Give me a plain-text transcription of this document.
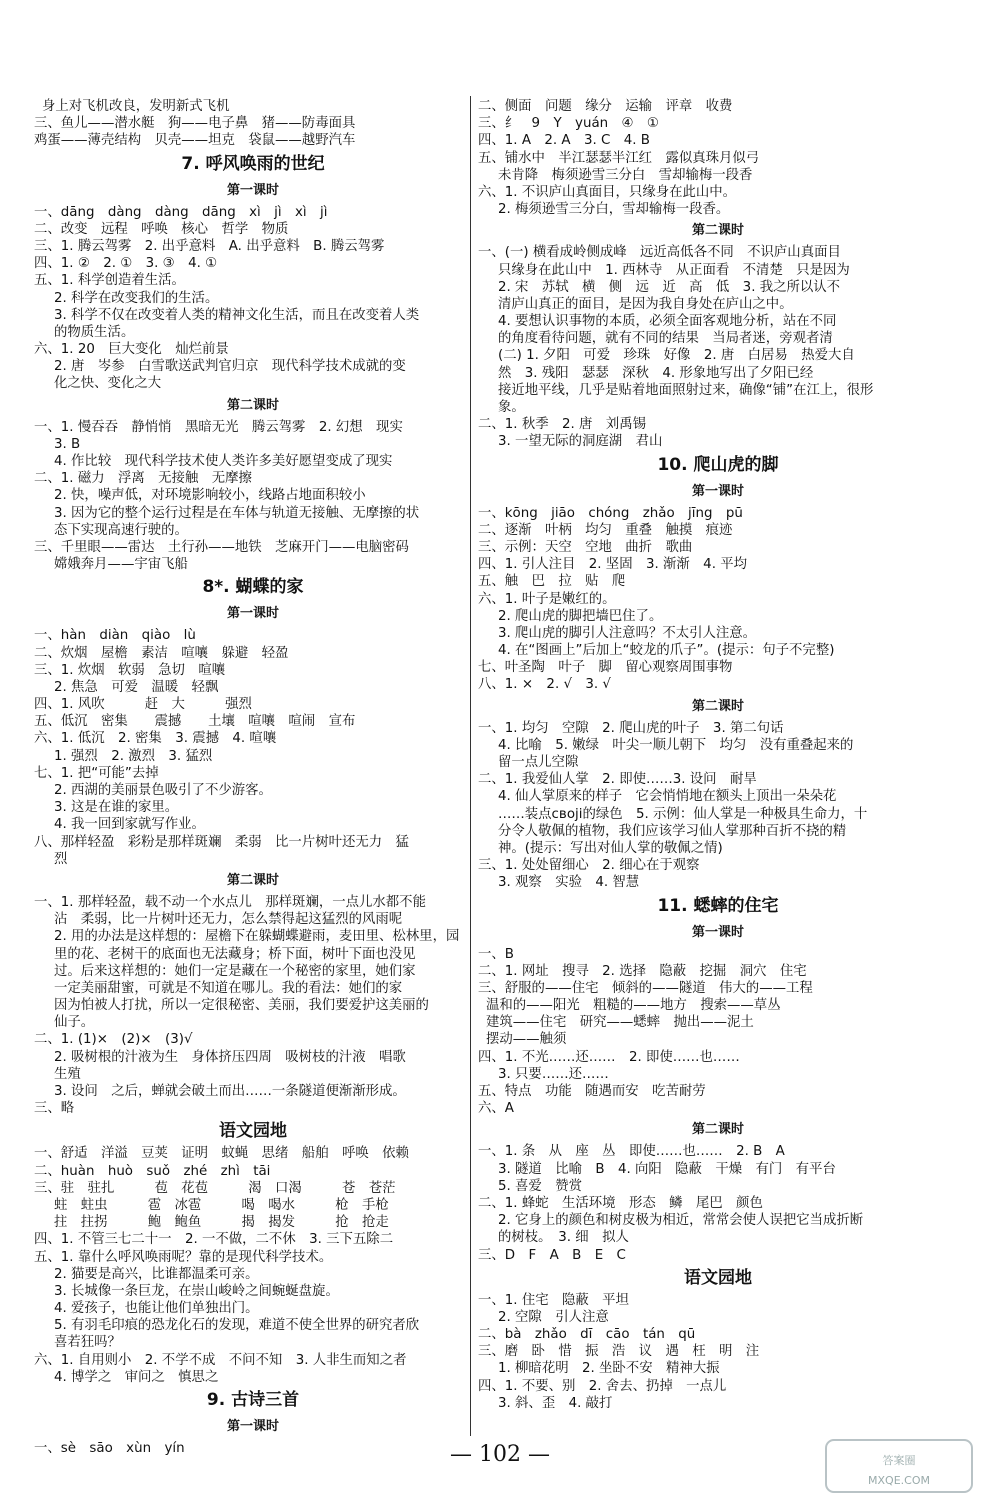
身上对飞机改良，发明新式飞机
三、鱼儿——潜水艇　狗——电子鼻　猪——防毒面具
鸡蛋——薄壳结构　贝壳——坦克　袋鼠——越野汽车
7. 呼风唤雨的世纪
第一课时
一、dāng　dàng　dàng　dāng　xì　jì　xì　jì
二、改变　远程　呼唤　核心　哲学　物质
三、1. 腾云驾雾　2. 出乎意料　A. 出乎意料　B. 腾云驾雾
四、1. ②　2. ①　3. ③　4. ①
五、1. 科学创造着生活。
2. 科学在改变我们的生活。
3. 科学不仅在改变着人类的精神文化生活，而且在改变着人类
的物质生活。
六、1. 20　巨大变化　灿烂前景
2. 唐　岑参　白雪歌送武判官归京　现代科学技术成就的变
化之快、变化之大
第二课时
一、1. 慢吞吞　静悄悄　黑暗无光　腾云驾雾　2. 幻想　现实
3. B
4. 作比较　现代科学技术使人类许多美好愿望变成了现实
二、1. 磁力　浮离　无接触　无摩擦
2. 快，噪声低，对环境影响较小，线路占地面积较小
3. 因为它的整个运行过程是在车体与轨道无接触、无摩擦的状
态下实现高速行驶的。
三、千里眼——雷达　土行孙——地铁　芝麻开门——电脑密码
嫦娥奔月——宇宙飞船
8*. 蝴蝶的家
第一课时
一、hàn　diàn　qiào　lù
二、炊烟　屋檐　素洁　喧嚷　躲避　轻盈
三、1. 炊烟　软弱　急切　喧嚷
2. 焦急　可爱　温暖　轻飘
四、1. 风吹　　　赶　大　　　强烈
五、低沉　密集　　震撼　　土壤　喧嚷　喧闹　宣布
六、1. 低沉　2. 密集　3. 震撼　4. 喧嚷
1. 强烈　2. 激烈　3. 猛烈
七、1. 把“可能”去掉
2. 西湖的美丽景色吸引了不少游客。
3. 这是在谁的家里。
4. 我一回到家就写作业。
八、那样轻盈　彩粉是那样斑斓　柔弱　比一片树叶还无力　猛
烈
第二课时
一、1. 那样轻盈，载不动一个水点儿　那样斑斓，一点儿水都不能
沾　柔弱，比一片树叶还无力，怎么禁得起这猛烈的风雨呢
2. 用的办法是这样想的：屋檐下在躲蝴蝶避雨，麦田里、松林里，园
里的花、老树干的底面也无法藏身；桥下面，树叶下面也没见
过。后来这样想的：她们一定是藏在一个秘密的家里，她们家
一定美丽甜蜜，可就是不知道在哪儿。我的看法：她们的家
因为怕被人打扰，所以一定很秘密、美丽，我们要爱护这美丽的
仙子。
二、1. (1)×　(2)×　(3)√
2. 吸树根的汁液为生　身体挤压四周　吸树枝的汁液　唱歌
生殖
3. 设问　之后，蝉就会破土而出……一条隧道便渐渐形成。
三、略
语文园地
一、舒适　洋溢　豆荚　证明　蚊蝇　思绪　船舶　呼唤　依赖
二、huàn　huò　suǒ　zhé　zhì　tāi
三、驻　驻扎　　　苞　花苞　　　渴　口渴　　　苍　苍茫
蛀　蛀虫　　　雹　冰雹　　　喝　喝水　　　枪　手枪
拄　拄拐　　　鲍　鲍鱼　　　揭　揭发　　　抢　抢走
四、1. 不管三七二十一　2. 一不做，二不休　3. 三下五除二
五、1. 靠什么呼风唤雨呢？靠的是现代科学技术。
2. 猫要是高兴，比谁都温柔可亲。
3. 长城像一条巨龙，在崇山峻岭之间蜿蜒盘旋。
4. 爱孩子，也能让他们单独出门。
5. 有羽毛印痕的恐龙化石的发现，难道不使全世界的研究者欣
喜若狂吗？
六、1. 自用则小　2. 不学不成　不问不知　3. 人非生而知之者
4. 博学之　审问之　慎思之
9. 古诗三首
第一课时
一、sè　sāo　xùn　yín
二、侧面　问题　缘分　运输　评章　收费
三、纟　9　Y　yuán　④　①
四、1. A　2. A　3. C　4. B
五、铺水中　半江瑟瑟半江红　露似真珠月似弓
未肯降　梅须逊雪三分白　雪却输梅一段香
六、1. 不识庐山真面目，只缘身在此山中。
2. 梅须逊雪三分白，雪却输梅一段香。
第二课时
一、(一) 横看成岭侧成峰　远近高低各不同　不识庐山真面目
只缘身在此山中　1. 西林寺　从正面看　不清楚　只是因为
2. 宋　苏轼　横　侧　远　近　高　低　3. 我之所以认不
清庐山真正的面目，是因为我自身处在庐山之中。
4. 要想认识事物的本质，必须全面客观地分析，站在不同
的角度看待问题，就有不同的结果　当局者迷，旁观者清
(二) 1. 夕阳　可爱　珍珠　好像　2. 唐　白居易　热爱大自
然　3. 残阳　瑟瑟　深秋　4. 形象地写出了夕阳已经
接近地平线，几乎是贴着地面照射过来，确像“铺”在江上，很形
象。
二、1. 秋季　2. 唐　刘禹锡
3. 一望无际的洞庭湖　君山
10. 爬山虎的脚
第一课时
一、kōng　jiāo　chóng　zhǎo　jīng　pū
二、逐渐　叶柄　均匀　重叠　触摸　痕迹
三、示例：天空　空地　曲折　歌曲
四、1. 引人注目　2. 坚固　3. 渐渐　4. 平均
五、触　巴　拉　贴　爬
六、1. 叶子是嫩红的。
2. 爬山虎的脚把墙巴住了。
3. 爬山虎的脚引人注意吗？不太引人注意。
4. 在“图画上”后加上“蛟龙的爪子”。(提示：句子不完整)
七、叶圣陶　叶子　脚　留心观察周围事物
八、1. ×　2. √　3. √
第二课时
一、1. 均匀　空隙　2. 爬山虎的叶子　3. 第二句话
4. 比喻　5. 嫩绿　叶尖一顺儿朝下　均匀　没有重叠起来的
留一点儿空隙
二、1. 我爱仙人掌　2. 即使……3. 设问　耐旱
4. 仙人掌原来的样子　它会悄悄地在额头上顶出一朵朵花
……装点својі的绿色　5. 示例：仙人掌是一种极具生命力，十
分令人敬佩的植物，我们应该学习仙人掌那种百折不挠的精
神。(提示：写出对仙人掌的敬佩之情)
三、1. 处处留细心　2. 细心在于观察
3. 观察　实验　4. 智慧
11. 蟋蟀的住宅
第一课时
一、B
二、1. 网址　搜寻　2. 选择　隐蔽　挖掘　洞穴　住宅
三、舒服的——住宅　倾斜的——隧道　伟大的——工程
温和的——阳光　粗糙的——地方　搜索——草丛
建筑——住宅　研究——蟋蟀　抛出——泥土
摆动——触须
四、1. 不光……还……　2. 即使……也……
3. 只要……还……
五、特点　功能　随遇而安　吃苦耐劳
六、A
第二课时
一、1. 条　从　座　丛　即使……也……　2. B　A
3. 隧道　比喻　B　4. 向阳　隐蔽　干燥　有门　有平台
5. 喜爱　赞赏
二、1. 蜂蛇　生活环境　形态　鳞　尾巴　颜色
2. 它身上的颜色和树皮极为相近，常常会使人误把它当成折断
的树枝。　3. 细　拟人
三、D　F　A　B　E　C
语文园地
一、1. 住宅　隐蔽　平坦
2. 空隙　引人注意
二、bà　zhǎo　dī　cāo　tán　qū
三、磨　卧　惜　振　浩　议　遇　枉　明　注
1. 柳暗花明　2. 坐卧不安　精神大振
四、1. 不要、别　2. 舍去、扔掉　一点儿
3. 斜、歪　4. 敲打
— 102 —	答案圈
MXQE.COM
